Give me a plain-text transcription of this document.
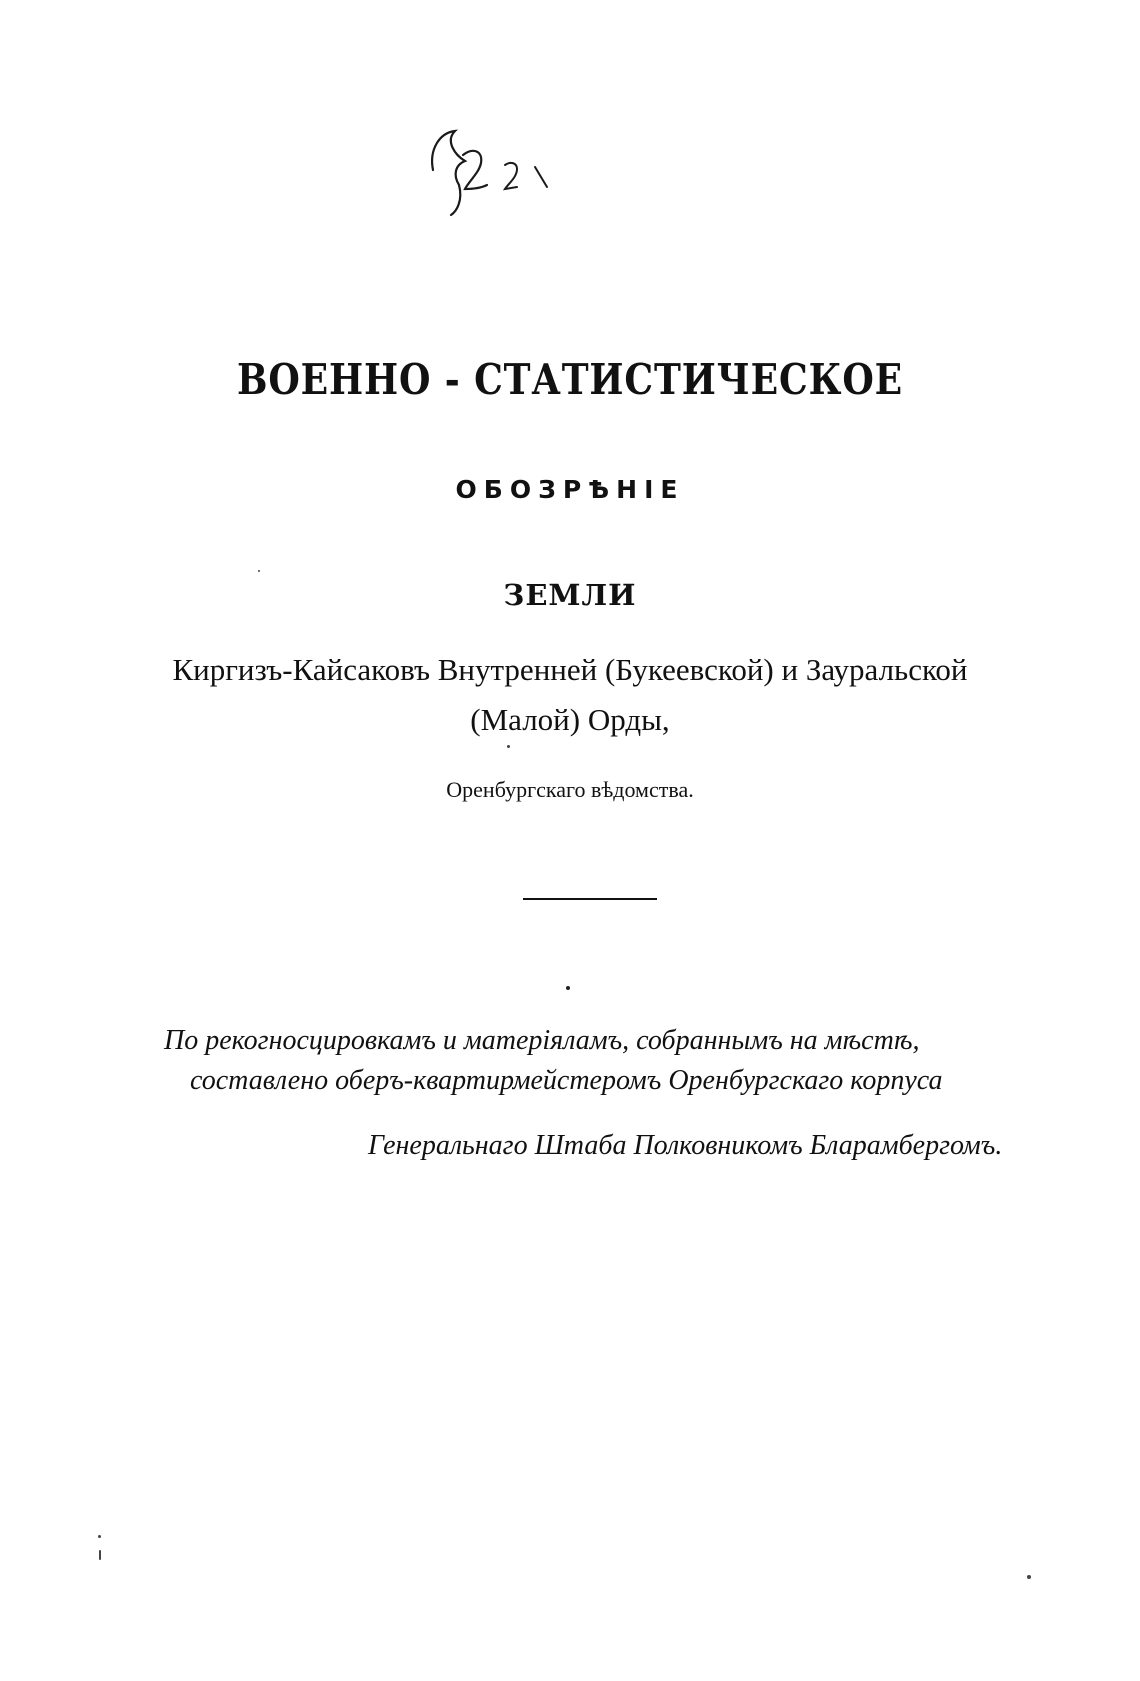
ВОЕННО - СТАТИСТИЧЕСКОЕ
ОБОЗРѢНІЕ
ЗЕМЛИ
Киргизъ-Кайсаковъ Внутренней (Букеевской) и Зауральской
(Малой) Орды,
Оренбургскаго вѣдомства.
По рекогносцировкамъ и матеріяламъ, собраннымъ на мѣстѣ,
составлено оберъ-квартирмейстеромъ Оренбургскаго корпуса
Генеральнаго Штаба Полковникомъ Бларамбергомъ.
